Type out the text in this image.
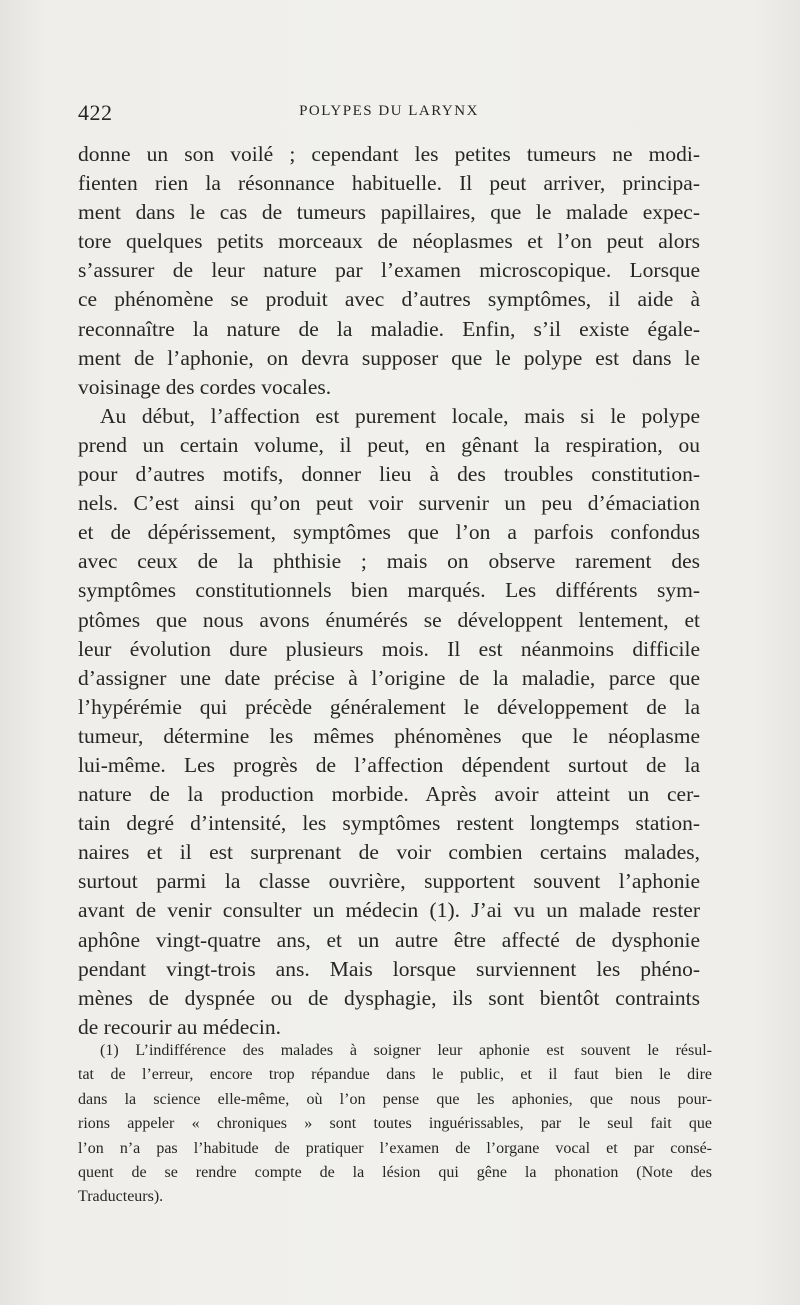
422	POLYPES DU LARYNX
donne un son voilé ; cependant les petites tumeurs ne modi-
fienten rien la résonnance habituelle. Il peut arriver, principa-
ment dans le cas de tumeurs papillaires, que le malade expec-
tore quelques petits morceaux de néoplasmes et l’on peut alors
s’assurer de leur nature par l’examen microscopique. Lorsque
ce phénomène se produit avec d’autres symptômes, il aide à
reconnaître la nature de la maladie. Enfin, s’il existe égale-
ment de l’aphonie, on devra supposer que le polype est dans le
voisinage des cordes vocales.
Au début, l’affection est purement locale, mais si le polype
prend un certain volume, il peut, en gênant la respiration, ou
pour d’autres motifs, donner lieu à des troubles constitution-
nels. C’est ainsi qu’on peut voir survenir un peu d’émaciation
et de dépérissement, symptômes que l’on a parfois confondus
avec ceux de la phthisie ; mais on observe rarement des
symptômes constitutionnels bien marqués. Les différents sym-
ptômes que nous avons énumérés se développent lentement, et
leur évolution dure plusieurs mois. Il est néanmoins difficile
d’assigner une date précise à l’origine de la maladie, parce que
l’hypérémie qui précède généralement le développement de la
tumeur, détermine les mêmes phénomènes que le néoplasme
lui-même. Les progrès de l’affection dépendent surtout de la
nature de la production morbide. Après avoir atteint un cer-
tain degré d’intensité, les symptômes restent longtemps station-
naires et il est surprenant de voir combien certains malades,
surtout parmi la classe ouvrière, supportent souvent l’aphonie
avant de venir consulter un médecin (1). J’ai vu un malade rester
aphône vingt-quatre ans, et un autre être affecté de dysphonie
pendant vingt-trois ans. Mais lorsque surviennent les phéno-
mènes de dyspnée ou de dysphagie, ils sont bientôt contraints
de recourir au médecin.
(1) L’indifférence des malades à soigner leur aphonie est souvent le résul-
tat de l’erreur, encore trop répandue dans le public, et il faut bien le dire
dans la science elle-même, où l’on pense que les aphonies, que nous pour-
rions appeler « chroniques » sont toutes inguérissables, par le seul fait que
l’on n’a pas l’habitude de pratiquer l’examen de l’organe vocal et par consé-
quent de se rendre compte de la lésion qui gêne la phonation (Note des
Traducteurs).
